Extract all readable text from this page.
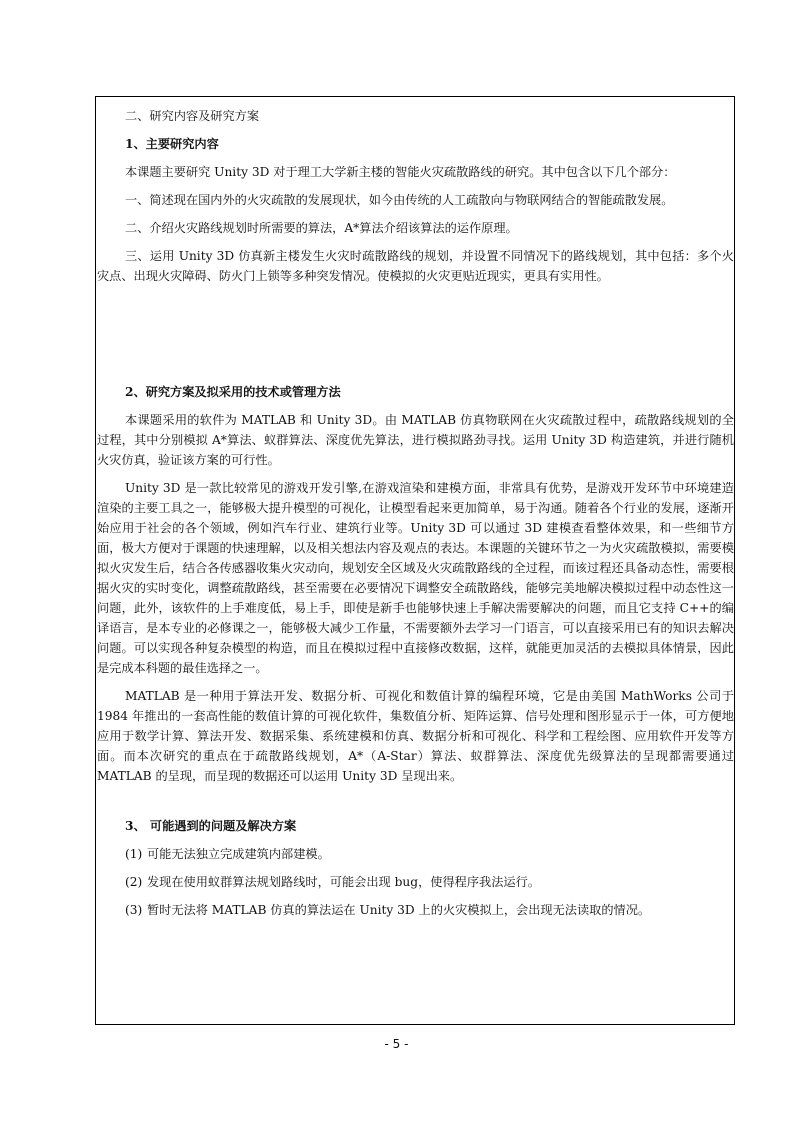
二、研究内容及研究方案

1、主要研究内容

本课题主要研究 Unity 3D 对于理工大学新主楼的智能火灾疏散路线的研究。其中包含以下几个部分：

一、简述现在国内外的火灾疏散的发展现状，如今由传统的人工疏散向与物联网结合的智能疏散发展。

二、介绍火灾路线规划时所需要的算法，A*算法介绍该算法的运作原理。

三、运用 Unity 3D 仿真新主楼发生火灾时疏散路线的规划，并设置不同情况下的路线规划，其中包括：多个火灾点、出现火灾障碍、防火门上锁等多种突发情况。使模拟的火灾更贴近现实，更具有实用性。

2、研究方案及拟采用的技术或管理方法

本课题采用的软件为 MATLAB 和 Unity 3D。由 MATLAB 仿真物联网在火灾疏散过程中，疏散路线规划的全过程，其中分别模拟 A*算法、蚁群算法、深度优先算法，进行模拟路劲寻找。运用 Unity 3D 构造建筑，并进行随机火灾仿真，验证该方案的可行性。

Unity 3D 是一款比较常见的游戏开发引擎,在游戏渲染和建模方面，非常具有优势，是游戏开发环节中环境建造渲染的主要工具之一，能够极大提升模型的可视化，让模型看起来更加简单，易于沟通。随着各个行业的发展，逐渐开始应用于社会的各个领域，例如汽车行业、建筑行业等。Unity 3D 可以通过 3D 建模查看整体效果，和一些细节方面，极大方便对于课题的快速理解，以及相关想法内容及观点的表达。本课题的关键环节之一为火灾疏散模拟，需要模拟火灾发生后，结合各传感器收集火灾动向，规划安全区域及火灾疏散路线的全过程，而该过程还具备动态性，需要根据火灾的实时变化，调整疏散路线，甚至需要在必要情况下调整安全疏散路线，能够完美地解决模拟过程中动态性这一问题，此外，该软件的上手难度低，易上手，即使是新手也能够快速上手解决需要解决的问题，而且它支持 C++的编译语言，是本专业的必修课之一，能够极大减少工作量，不需要额外去学习一门语言，可以直接采用已有的知识去解决问题。可以实现各种复杂模型的构造，而且在模拟过程中直接修改数据，这样，就能更加灵活的去模拟具体情景，因此是完成本科题的最佳选择之一。

MATLAB 是一种用于算法开发、数据分析、可视化和数值计算的编程环境，它是由美国 MathWorks 公司于 1984 年推出的一套高性能的数值计算的可视化软件，集数值分析、矩阵运算、信号处理和图形显示于一体，可方便地应用于数学计算、算法开发、数据采集、系统建模和仿真、数据分析和可视化、科学和工程绘图、应用软件开发等方面。而本次研究的重点在于疏散路线规划，A*（A-Star）算法、蚁群算法、深度优先级算法的呈现都需要通过 MATLAB 的呈现，而呈现的数据还可以运用 Unity 3D 呈现出来。

3、 可能遇到的问题及解决方案

(1) 可能无法独立完成建筑内部建模。
(2) 发现在使用蚁群算法规划路线时，可能会出现 bug，使得程序我法运行。
(3) 暂时无法将 MATLAB 仿真的算法运在 Unity 3D 上的火灾模拟上，会出现无法读取的情况。
- 5 -
